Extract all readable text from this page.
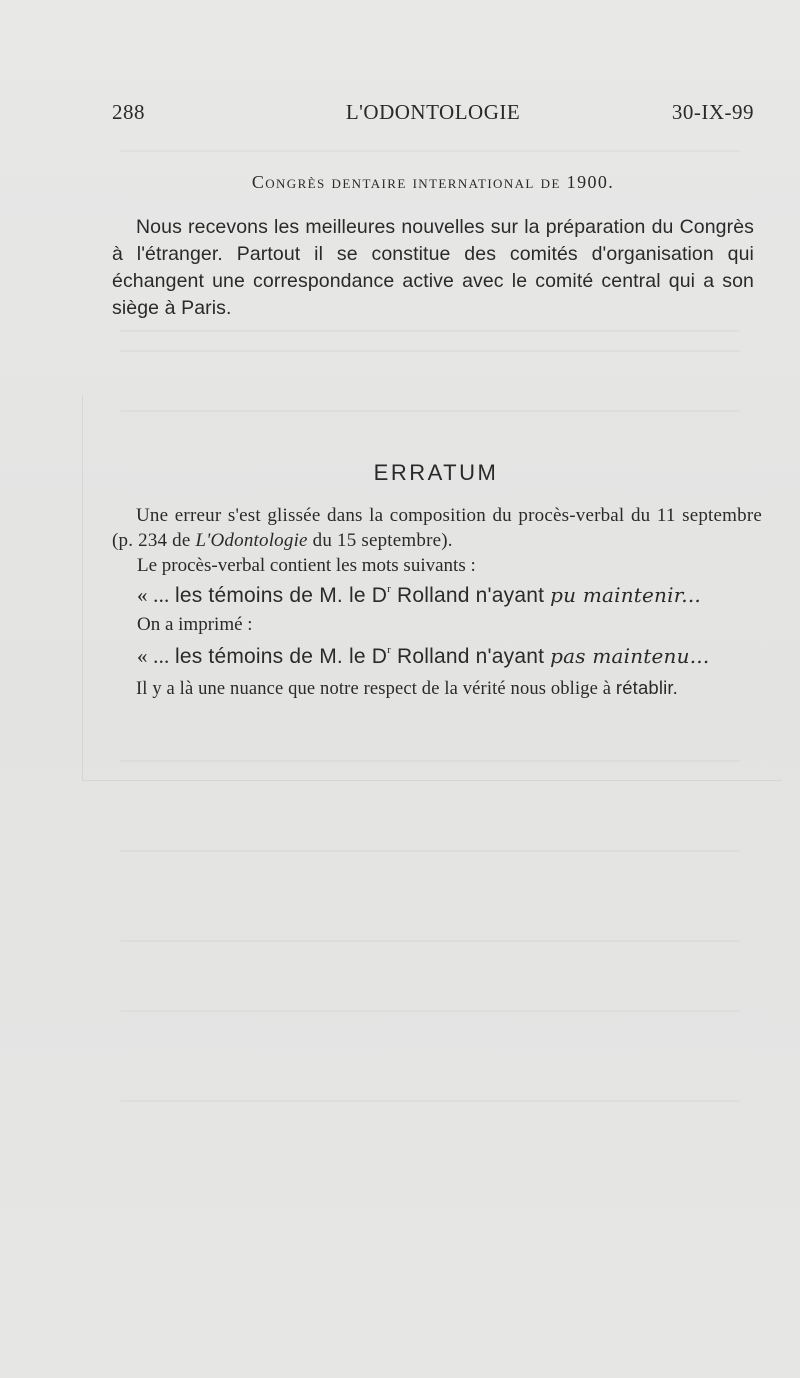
288	L'ODONTOLOGIE	30-IX-99
Congrès dentaire international de 1900.
Nous recevons les meilleures nouvelles sur la préparation du Congrès à l'étranger. Partout il se constitue des comités d'organisation qui échangent une correspondance active avec le comité central qui a son siège à Paris.
ERRATUM
Une erreur s'est glissée dans la composition du procès-verbal du 11 septembre (p. 234 de L'Odontologie du 15 septembre).
Le procès-verbal contient les mots suivants :
« ... les témoins de M. le $D^r$ Rolland n'ayant pu maintenir...
On a imprimé :
« ... les témoins de M. le $D^r$ Rolland n'ayant pas maintenu...
Il y a là une nuance que notre respect de la vérité nous oblige à rétablir.
